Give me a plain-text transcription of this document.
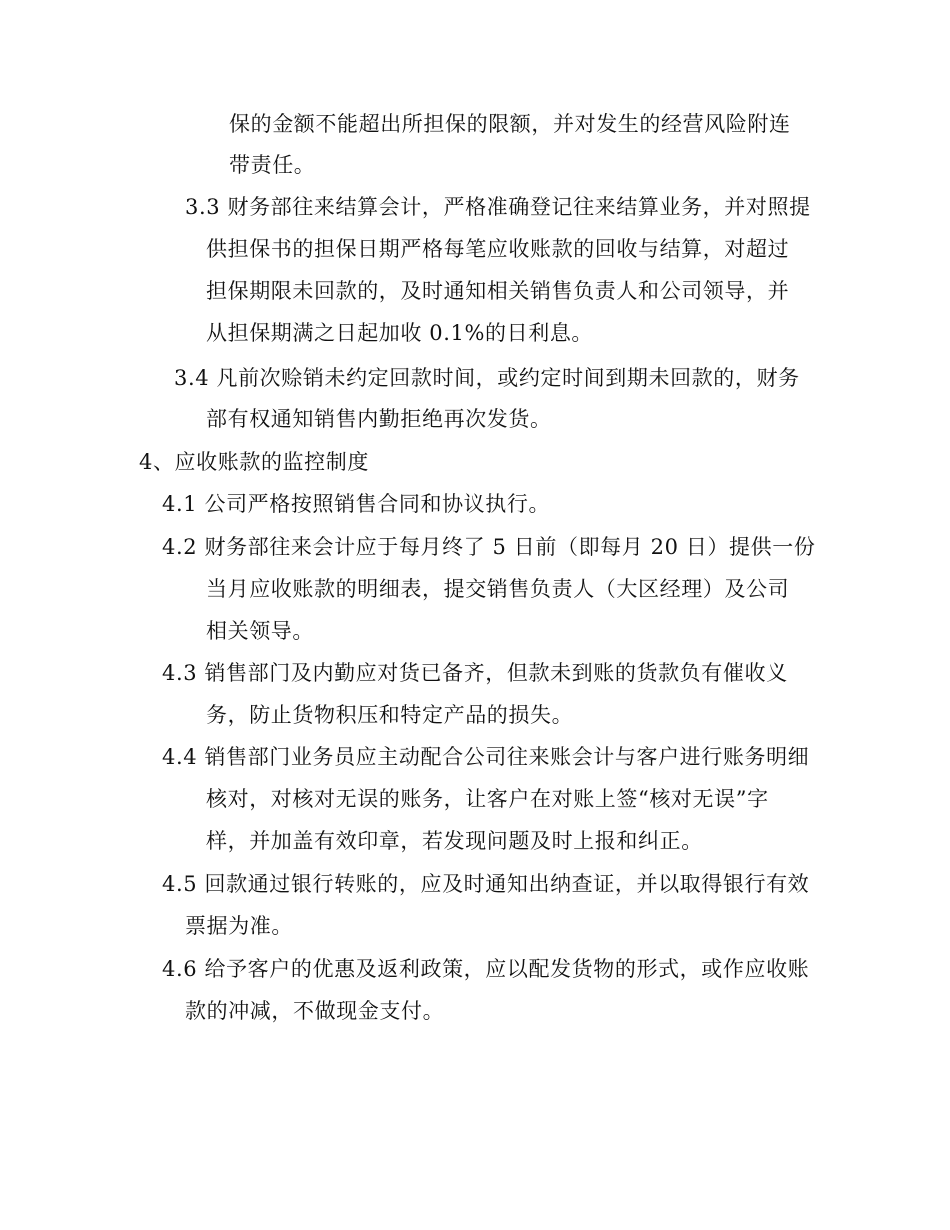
保的金额不能超出所担保的限额，并对发生的经营风险附连
带责任。
3.3 财务部往来结算会计，严格准确登记往来结算业务，并对照提
供担保书的担保日期严格每笔应收账款的回收与结算，对超过
担保期限未回款的，及时通知相关销售负责人和公司领导，并
从担保期满之日起加收 0.1%的日利息。
3.4 凡前次赊销未约定回款时间，或约定时间到期未回款的，财务
部有权通知销售内勤拒绝再次发货。
4、应收账款的监控制度
4.1 公司严格按照销售合同和协议执行。
4.2 财务部往来会计应于每月终了 5 日前（即每月 20 日）提供一份
当月应收账款的明细表，提交销售负责人（大区经理）及公司
相关领导。
4.3 销售部门及内勤应对货已备齐，但款未到账的货款负有催收义
务，防止货物积压和特定产品的损失。
4.4 销售部门业务员应主动配合公司往来账会计与客户进行账务明细
核对，对核对无误的账务，让客户在对账上签“核对无误”字
样，并加盖有效印章，若发现问题及时上报和纠正。
4.5 回款通过银行转账的，应及时通知出纳查证，并以取得银行有效
票据为准。
4.6 给予客户的优惠及返利政策，应以配发货物的形式，或作应收账
款的冲减，不做现金支付。
